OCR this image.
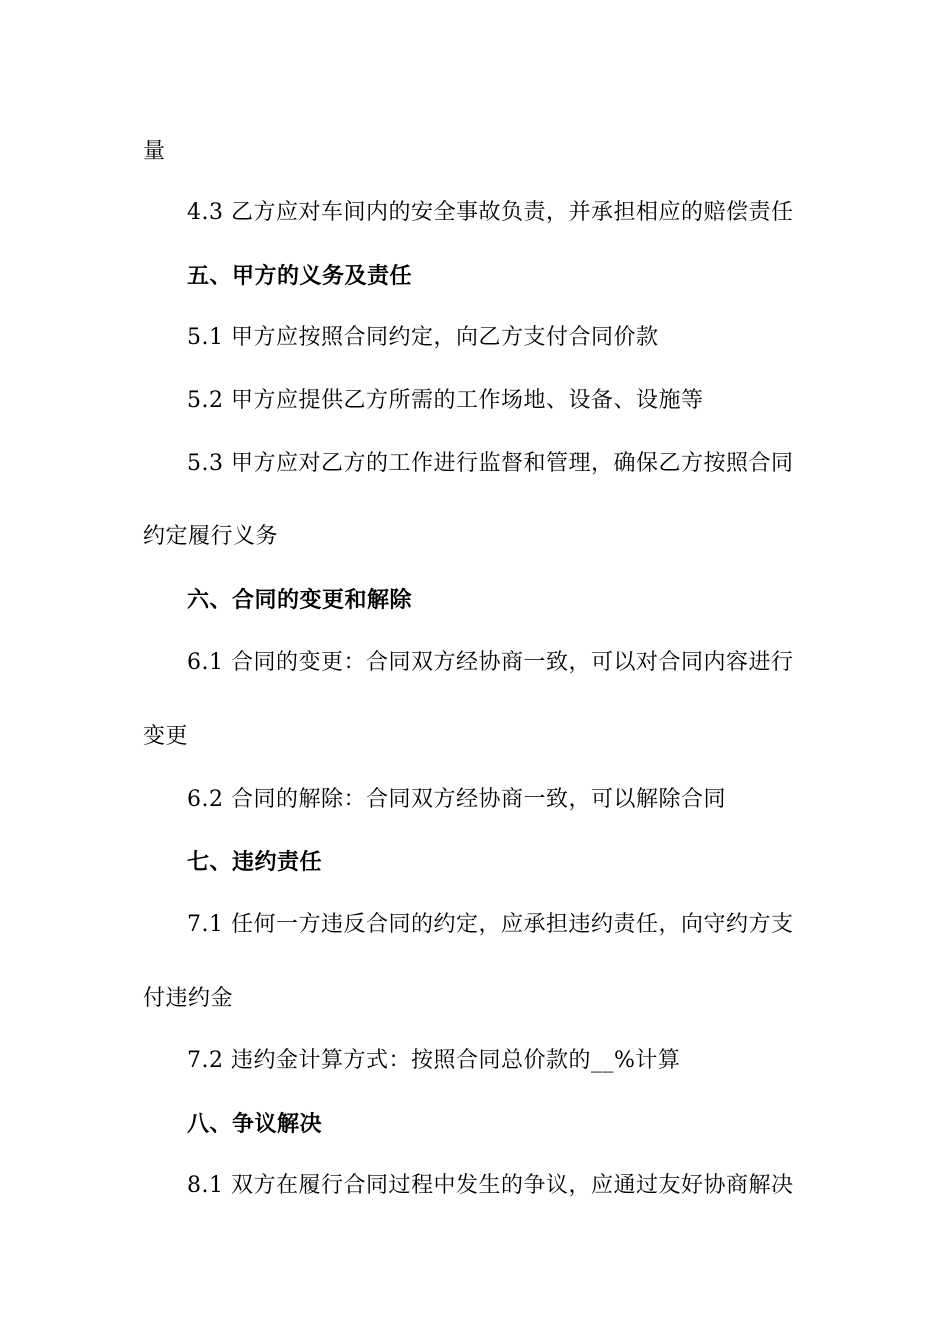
量
4.3 乙方应对车间内的安全事故负责，并承担相应的赔偿责任
五、甲方的义务及责任
5.1 甲方应按照合同约定，向乙方支付合同价款
5.2 甲方应提供乙方所需的工作场地、设备、设施等
5.3 甲方应对乙方的工作进行监督和管理，确保乙方按照合同
约定履行义务
六、合同的变更和解除
6.1 合同的变更：合同双方经协商一致，可以对合同内容进行
变更
6.2 合同的解除：合同双方经协商一致，可以解除合同
七、违约责任
7.1 任何一方违反合同的约定，应承担违约责任，向守约方支
付违约金
7.2 违约金计算方式：按照合同总价款的__%计算
八、争议解决
8.1 双方在履行合同过程中发生的争议，应通过友好协商解决
